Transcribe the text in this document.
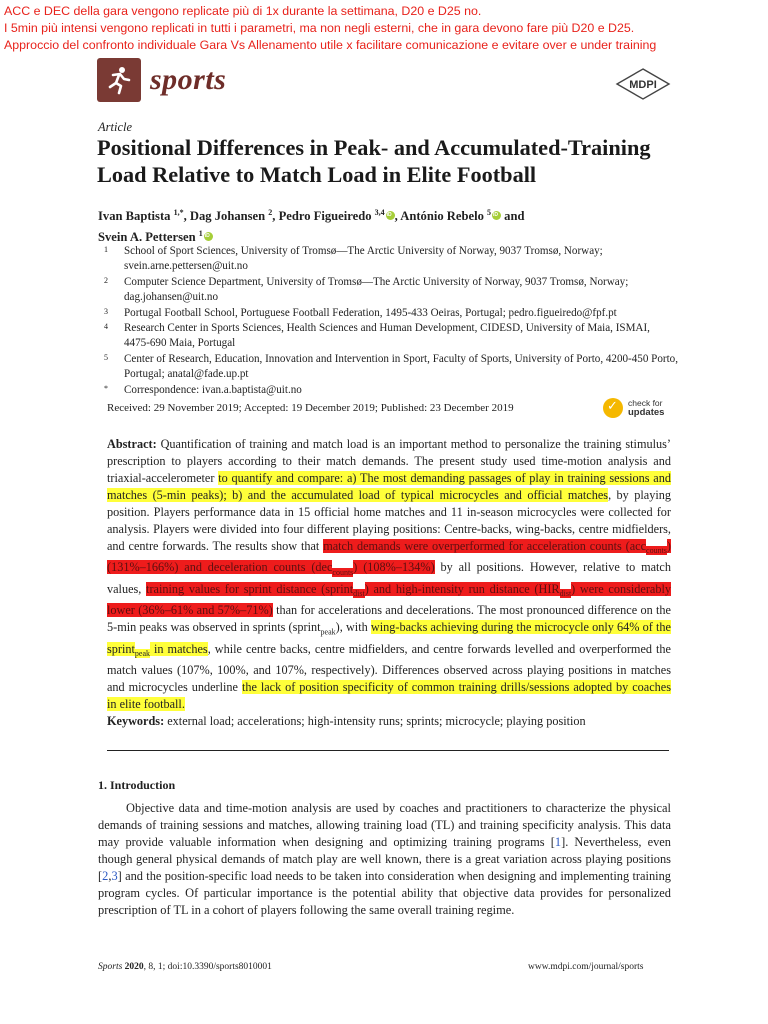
ACC e DEC della gara vengono replicate più di 1x durante la settimana, D20 e D25 no.
I 5min più intensi vengono replicati in tutti i parametri, ma non negli esterni, che in gara devono fare più D20 e D25.
Approccio del confronto individuale Gara Vs Allenamento utile x facilitare comunicazione e evitare over e under training
sports	MDPI
Article
Positional Differences in Peak- and Accumulated-Training Load Relative to Match Load in Elite Football
Ivan Baptista $^{1,*}$, Dag Johansen $^2$, Pedro Figueiredo $^{3,4}$ iD , António Rebelo $^5$iD and
Svein A. Pettersen $^1$iD
1	School of Sport Sciences, University of Tromsø—The Arctic University of Norway, 9037 Tromsø, Norway; svein.arne.pettersen@uit.no
2	Computer Science Department, University of Tromsø—The Arctic University of Norway, 9037 Tromsø, Norway; dag.johansen@uit.no
3	Portugal Football School, Portuguese Football Federation, 1495-433 Oeiras, Portugal; pedro.figueiredo@fpf.pt
4	Research Center in Sports Sciences, Health Sciences and Human Development, CIDESD, University of Maia, ISMAI, 4475-690 Maia, Portugal
5	Center of Research, Education, Innovation and Intervention in Sport, Faculty of Sports, University of Porto, 4200-450 Porto, Portugal; anatal@fade.up.pt
*	Correspondence: ivan.a.baptista@uit.no
Received: 29 November 2019; Accepted: 19 December 2019; Published: 23 December 2019 ✓	check for
updates
Abstract: Quantification of training and match load is an important method to personalize the training stimulus’ prescription to players according to their match demands. The present study used time-motion analysis and triaxial-accelerometer to quantify and compare: a) The most demanding passages of play in training sessions and matches (5-min peaks); b) and the accumulated load of typical microcycles and official matches, by playing position. Players performance data in 15 official home matches and 11 in-season microcycles were collected for analysis. Players were divided into four different playing positions: Centre-backs, wing-backs, centre midfielders, and centre forwards. The results show that match demands were overperformed for acceleration counts (acc$_{counts}$) (131%–166%) and deceleration counts (dec$_{counts}$) (108%–134%) by all positions. However, relative to match values, training values for sprint distance (sprint$_{dist}$) and high-intensity run distance $(HIR_{dist})$ were considerably lower (36%–61% and 57%–71%) than for accelerations and decelerations. The most pronounced difference on the 5-min peaks was observed in sprints (sprint$_{peak}$), with wing-backs achieving during the microcycle only 64% of the sprint$_{peak}$ in matches, while centre backs, centre midfielders, and centre forwards levelled and overperformed the match values (107%, 100%, and 107%, respectively). Differences observed across playing positions in matches and microcycles underline the lack of position specificity of common training drills/sessions adopted by coaches in elite football.
Keywords: external load; accelerations; high-intensity runs; sprints; microcycle; playing position
1. Introduction
Objective data and time-motion analysis are used by coaches and practitioners to characterize the physical demands of training sessions and matches, allowing training load (TL) and training specificity analysis. This data may provide valuable information when designing and optimizing training programs [1]. Nevertheless, even though general physical demands of match play are well known, there is a great variation across playing positions [2,3] and the position-specific load needs to be taken into consideration when designing and implementing training program cycles. Of particular importance is the potential ability that objective data provides for personalized prescription of TL in a cohort of players following the same overall training regime.
Sports 2020, 8, 1; doi:10.3390/sports8010001	www.mdpi.com/journal/sports
